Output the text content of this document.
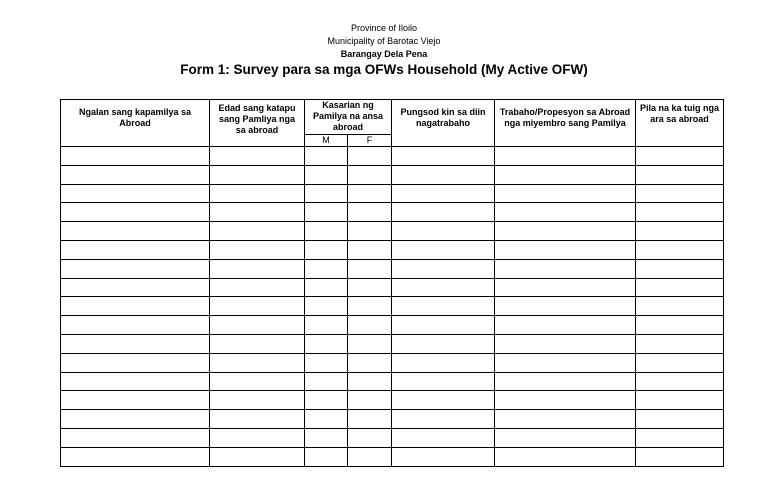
Province of Iloilo
Municipality of Barotac Viejo
Barangay Dela Pena
Form 1: Survey para sa mga OFWs Household (My Active OFW)
Ngalan sang kapamilya sa Abroad	Edad sang katapu sang Pamliya nga sa abroad	Kasarian ng Pamilya na ansa abroad		Pungsod kin sa diin nagatrabaho	Trabaho/Propesyon sa Abroad nga miyembro sang Pamilya	Pila na ka tuig nga ara sa abroad
		M	F			
